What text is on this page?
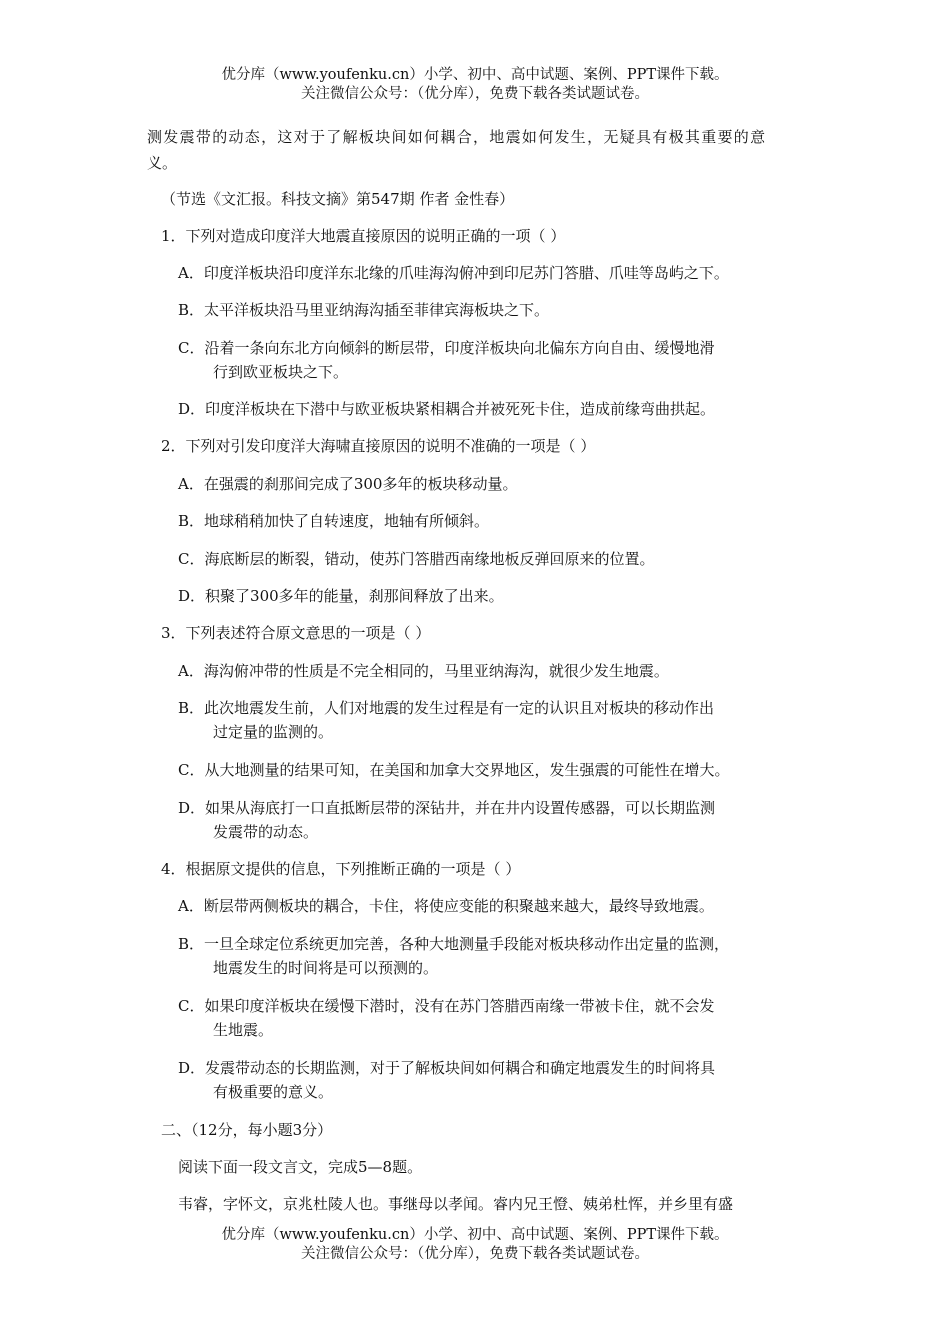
优分库（www.youfenku.cn）小学、初中、高中试题、案例、PPT课件下载。
关注微信公众号：（优分库），免费下载各类试题试卷。
测发震带的动态，这对于了解板块间如何耦合，地震如何发生，无疑具有极其重要的意
义。
（节选《文汇报。科技文摘》第547期 作者 金性春）
1．下列对造成印度洋大地震直接原因的说明正确的一项（ ）
A．印度洋板块沿印度洋东北缘的爪哇海沟俯冲到印尼苏门答腊、爪哇等岛屿之下。
B．太平洋板块沿马里亚纳海沟插至菲律宾海板块之下。
C．沿着一条向东北方向倾斜的断层带，印度洋板块向北偏东方向自由、缓慢地滑
行到欧亚板块之下。
D．印度洋板块在下潜中与欧亚板块紧相耦合并被死死卡住，造成前缘弯曲拱起。
2．下列对引发印度洋大海啸直接原因的说明不准确的一项是（ ）
A．在强震的刹那间完成了300多年的板块移动量。
B．地球稍稍加快了自转速度，地轴有所倾斜。
C．海底断层的断裂，错动，使苏门答腊西南缘地板反弹回原来的位置。
D．积聚了300多年的能量，刹那间释放了出来。
3．下列表述符合原文意思的一项是（ ）
A．海沟俯冲带的性质是不完全相同的，马里亚纳海沟，就很少发生地震。
B．此次地震发生前，人们对地震的发生过程是有一定的认识且对板块的移动作出
过定量的监测的。
C．从大地测量的结果可知，在美国和加拿大交界地区，发生强震的可能性在增大。
D．如果从海底打一口直抵断层带的深钻井，并在井内设置传感器，可以长期监测
发震带的动态。
4．根据原文提供的信息，下列推断正确的一项是（ ）
A．断层带两侧板块的耦合，卡住，将使应变能的积聚越来越大，最终导致地震。
B．一旦全球定位系统更加完善，各种大地测量手段能对板块移动作出定量的监测，
地震发生的时间将是可以预测的。
C．如果印度洋板块在缓慢下潜时，没有在苏门答腊西南缘一带被卡住，就不会发
生地震。
D．发震带动态的长期监测，对于了解板块间如何耦合和确定地震发生的时间将具
有极重要的意义。
二、（12分，每小题3分）
阅读下面一段文言文，完成5—8题。
韦睿，字怀文，京兆杜陵人也。事继母以孝闻。睿内兄王憕、姨弟杜恽，并乡里有盛
优分库（www.youfenku.cn）小学、初中、高中试题、案例、PPT课件下载。
关注微信公众号：（优分库），免费下载各类试题试卷。
